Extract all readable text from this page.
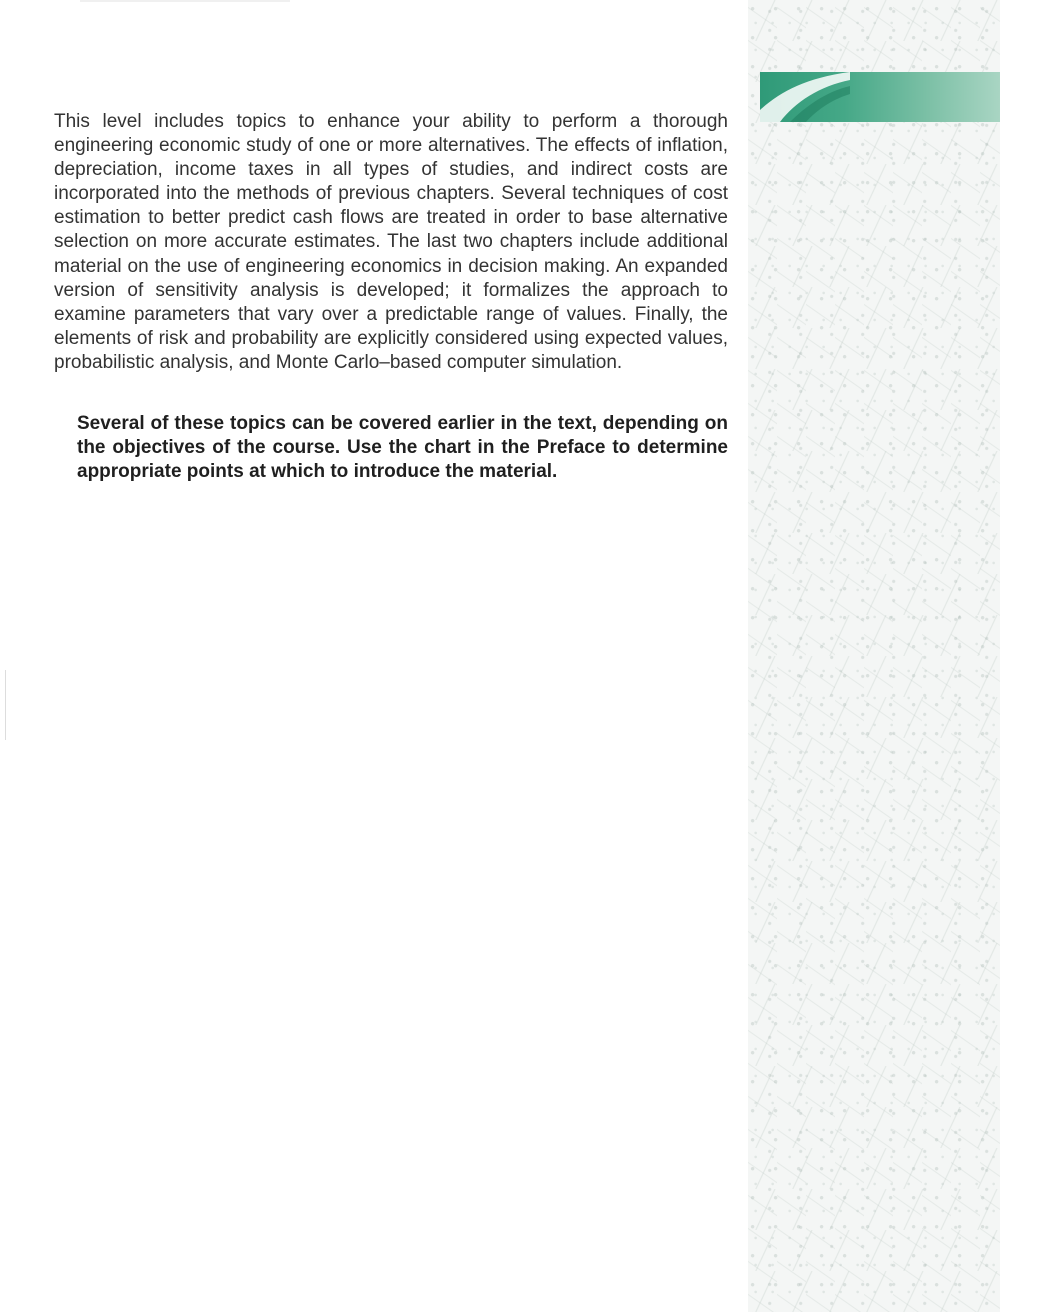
This level includes topics to enhance your ability to perform a thorough engineering economic study of one or more alternatives. The effects of inflation, depreciation, income taxes in all types of studies, and indirect costs are incorporated into the methods of previous chapters. Several techniques of cost estimation to better predict cash flows are treated in order to base alternative selection on more accurate estimates. The last two chapters include additional material on the use of engineering economics in decision making. An expanded version of sensitivity analysis is developed; it formalizes the approach to examine parameters that vary over a predictable range of values. Finally, the elements of risk and probability are explicitly considered using expected values, probabilistic analysis, and Monte Carlo–based computer simulation.

Several of these topics can be covered earlier in the text, depending on the objectives of the course. Use the chart in the Preface to determine appropriate points at which to introduce the material.
